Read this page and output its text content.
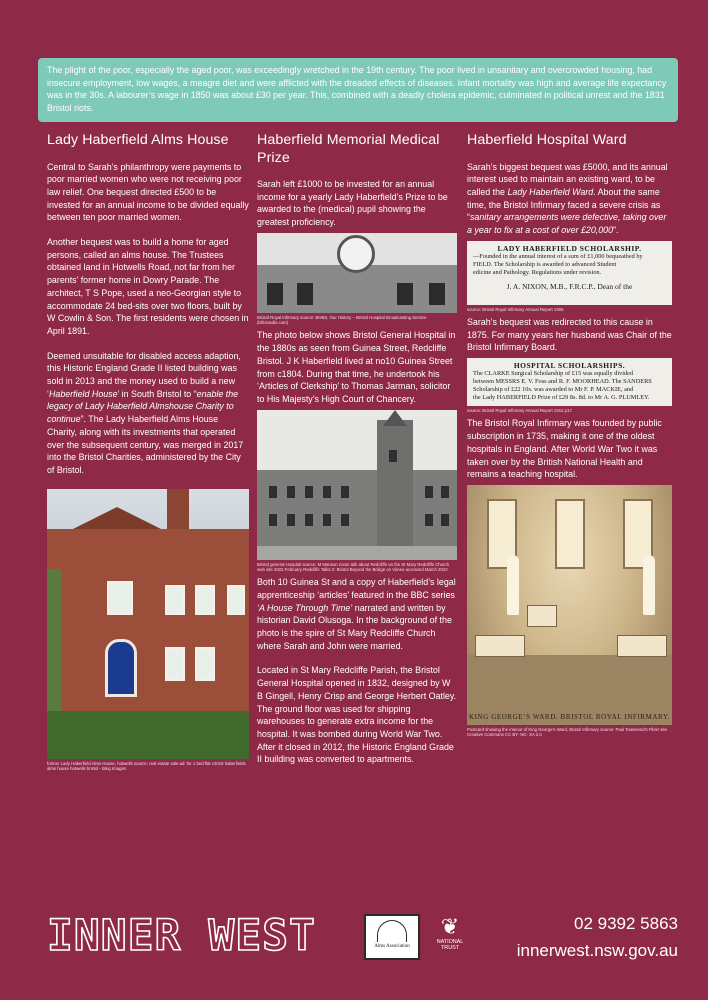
The plight of the poor, especially the aged poor, was exceedingly wretched in the 19th century. The poor lived in unsanitary and overcrowded housing, had insecure employment, low wages, a meagre diet and were afflicted with the dreaded effects of diseases. Infant mortality was high and average life expectancy was in the 30s. A labourer’s wage in 1850 was about £30 per year. This, combined with a deadly cholera epidemic, culminated in political unrest and the 1831 Bristol riots.
Lady Haberfield Alms House

Central to Sarah’s philanthropy were payments to poor married women who were not receiving poor law relief. One bequest directed £500 to be invested for an annual income to be divided equally between ten poor married women.

Another bequest was to build a home for aged persons, called an alms house. The Trustees obtained land in Hotwells Road, not far from her parents’ former home in Dowry Parade. The architect, T S Pope, used a neo-Georgian style to accommodate 24 bed-sits over two floors, built by W Cowlin & Son. The first residents were chosen in April 1891.

Deemed unsuitable for disabled access adaption, this Historic England Grade II listed building was sold in 2013 and the money used to build a new ‘Haberfield House’ in South Bristol to “enable the legacy of Lady Haberfield Almshouse Charity to continue”. The Lady Haberfield Alms House Charity, along with its investments that operated over the subsequent century, was merged in 2017 into the Bristol Charities, administered by the City of Bristol.

former Lady Haberfield Alms House, hotwells source: real estate sale ad: for 1 bed flat c2015 haberfields alms house hotwells bristol - Bing Images
Haberfield Memorial Medical Prize

Sarah left £1000 to be invested for an annual income for a yearly Lady Haberfield’s Prize to be awarded to the (medical) pupil showing the greatest proficiency.

Bristol Royal Infirmary source: BHBS, Our History – Bristol Hospital Broadcasting Service (bhbsradio.com)

The photo below shows Bristol General Hospital in the 1880s as seen from Guinea Street, Redcliffe Bristol. J K Haberfield lived at no10 Guinea Street from c1804. During that time, he undertook his ‘Articles of Clerkship’ to Thomas Jarman, solicitor to His Majesty’s High Court of Chancery.

Bristol general Hospital source: M Manson zoom talk about Redcliffe on the St Mary Redcliffe Church web site 2022 February Redcliffe Talks 2: Bristol Beyond the Bridge on Vimeo accessed March 2022

Both 10 Guinea St and a copy of Haberfield’s legal apprenticeship ‘articles’ featured in the BBC series ‘A House Through Time’ narrated and written by historian David Olusoga. In the background of the photo is the spire of St Mary Redcliffe Church where Sarah and John were married.

Located in St Mary Redcliffe Parish, the Bristol General Hospital opened in 1832, designed by W B Gingell, Henry Crisp and George Herbert Oatley. The ground floor was used for shipping warehouses to generate extra income for the hospital. It was bombed during World War Two. After it closed in 2012, the Historic England Grade II building was converted to apartments.

Haberfield Hospital Ward

Sarah’s biggest bequest was £5000, and its annual interest used to maintain an existing ward, to be called the Lady Haberfield Ward. About the same time, the Bristol Infirmary faced a severe crisis as “sanitary arrangements were defective, taking over a year to fix at a cost of over £20,000”.

LADY HABERFIELD SCHOLARSHIP.
—Founded in the annual interest of a sum of £1,000 bequeathed by
FIELD. The Scholarship is awarded to advanced Student
edicine and Pathology. Regulations under revision.
J. A. NIXON, M.B., F.R.C.P., Dean of the
source: Bristol Royal Infirmary Annual Report 1906

Sarah’s bequest was redirected to this cause in 1875. For many years her husband was Chair of the Bristol Infirmary Board.

HOSPITAL SCHOLARSHIPS.
The CLARKE Surgical Scholarship of £15 was equally divided
between MESSRS E. V. Foss and R. F. MOORHEAD. The SANDERS
Scholarship of £22 10s. was awarded to Mr F. P. MACKIE, and
the Lady HABERFIELD Prize of £29 8s. 8d. to Mr A. G. PLUMLEY.
source: Bristol Royal Infirmary Annual Report 1912 p17

The Bristol Royal Infirmary was founded by public subscription in 1735, making it one of the oldest hospitals in England. After World War Two it was taken over by the British National Health and remains a teaching hospital.

KING GEORGE’S WARD. BRISTOL ROYAL INFIRMARY.
Postcard showing the interior of King George’s Ward, Bristol Infirmary source: Paul Townsend’s Flickr site Creative Commons CC BY- NC- SA 2.0
INNER WEST	Alms Association
❦
NATIONAL TRUST
02 9392 5863
innerwest.nsw.gov.au
